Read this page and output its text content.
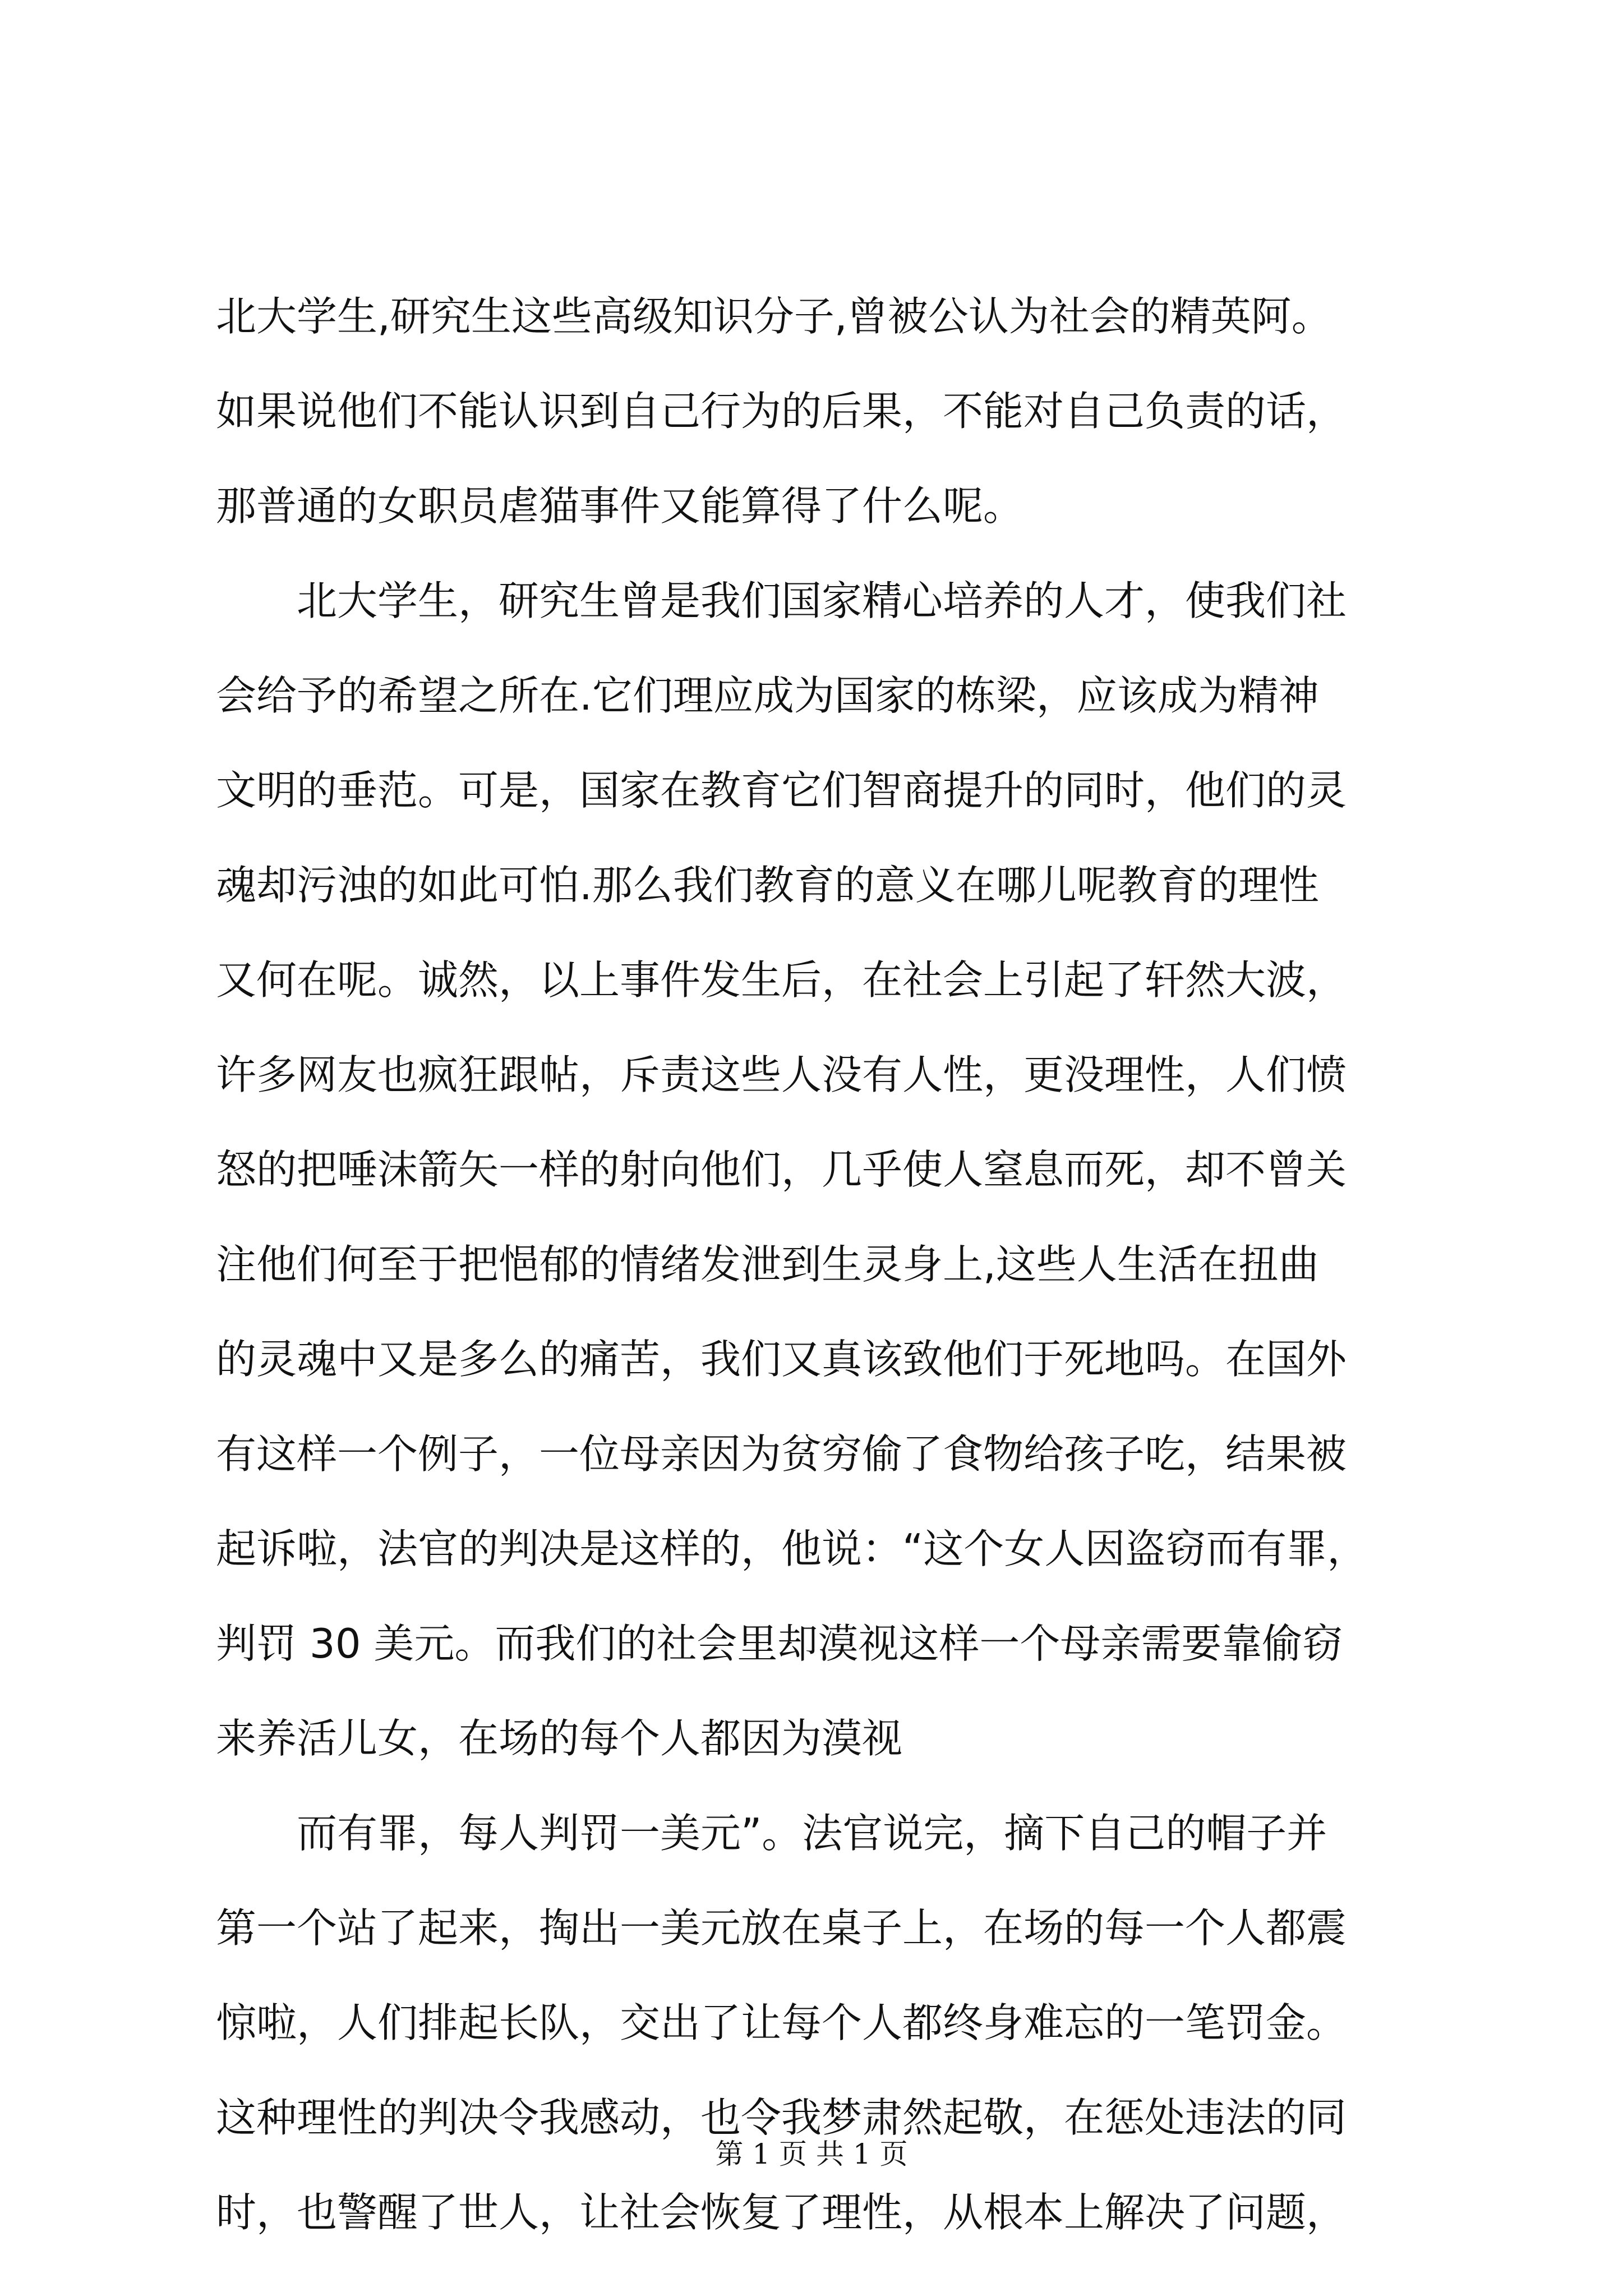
北大学生,研究生这些高级知识分子,曾被公认为社会的精英阿。
如果说他们不能认识到自己行为的后果，不能对自己负责的话，
那普通的女职员虐猫事件又能算得了什么呢。
北大学生，研究生曾是我们国家精心培养的人才，使我们社
会给予的希望之所在.它们理应成为国家的栋梁，应该成为精神
文明的垂范。可是，国家在教育它们智商提升的同时，他们的灵
魂却污浊的如此可怕.那么我们教育的意义在哪儿呢教育的理性
又何在呢。诚然，以上事件发生后，在社会上引起了轩然大波，
许多网友也疯狂跟帖，斥责这些人没有人性，更没理性，人们愤
怒的把唾沫箭矢一样的射向他们，几乎使人窒息而死，却不曾关
注他们何至于把悒郁的情绪发泄到生灵身上,这些人生活在扭曲
的灵魂中又是多么的痛苦，我们又真该致他们于死地吗。在国外
有这样一个例子，一位母亲因为贫穷偷了食物给孩子吃，结果被
起诉啦，法官的判决是这样的，他说：“这个女人因盗窃而有罪，
判罚 30 美元。而我们的社会里却漠视这样一个母亲需要靠偷窃
来养活儿女，在场的每个人都因为漠视
而有罪，每人判罚一美元”。法官说完，摘下自己的帽子并
第一个站了起来，掏出一美元放在桌子上，在场的每一个人都震
惊啦，人们排起长队，交出了让每个人都终身难忘的一笔罚金。
这种理性的判决令我感动，也令我梦肃然起敬，在惩处违法的同
时，也警醒了世人，让社会恢复了理性，从根本上解决了问题，
第 1 页 共 1 页
